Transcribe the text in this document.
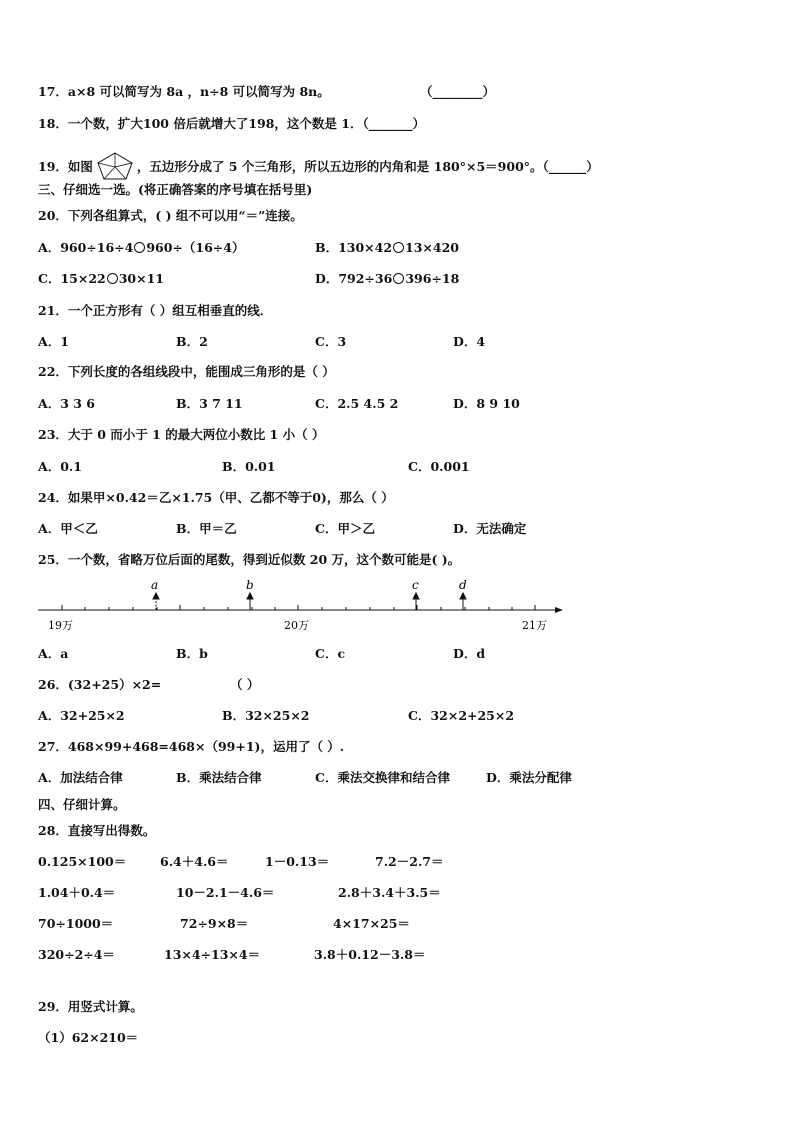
17．a×8 可以简写为 8a ，n÷8 可以简写为 8n。	（________）
18．一个数，扩大100 倍后就增大了198，这个数是 1．（_______）
19．如图	，五边形分成了 5 个三角形，所以五边形的内角和是 180°×5＝900°。（______）
三、仔细选一选。(将正确答案的序号填在括号里)
20．下列各组算式，( ) 组不可以用“＝”连接。
A．960÷16÷4 960÷（16÷4）	B．130×42 13×420
C．15×22 30×11	D．792÷36 396÷18
21．一个正方形有（ ）组互相垂直的线．
A．1	B．2	C．3	D．4
22．下列长度的各组线段中，能围成三角形的是（ ）
A．3 3 6	B．3 7 11	C．2.5 4.5 2	D．8 9 10
23．大于 0 而小于 1 的最大两位小数比 1 小（ ）
A．0.1	B．0.01	C．0.001
24．如果甲×0.42＝乙×1.75（甲、乙都不等于0)，那么（ ）
A．甲＜乙	B．甲＝乙	C．甲＞乙	D．无法确定
25．一个数，省略万位后面的尾数，得到近似数 20 万，这个数可能是( )。
a	b	c	d
19万	20万	21万
A．a	B．b	C．c	D．d
26．(32+25）×2=	（ ）
A．32+25×2	B．32×25×2	C．32×2+25×2
27．468×99+468=468×（99+1)，运用了（ ）.
A．加法结合律	B．乘法结合律	C．乘法交换律和结合律	D．乘法分配律
四、仔细计算。
28．直接写出得数。
0.125×100＝	6.4＋4.6＝	1－0.13＝	7.2－2.7＝
1.04＋0.4＝	10－2.1－4.6＝	2.8＋3.4＋3.5＝
70÷1000＝	72÷9×8＝	4×17×25＝
320÷2÷4＝	13×4÷13×4＝	3.8＋0.12－3.8＝
29．用竖式计算。
（1）62×210＝
